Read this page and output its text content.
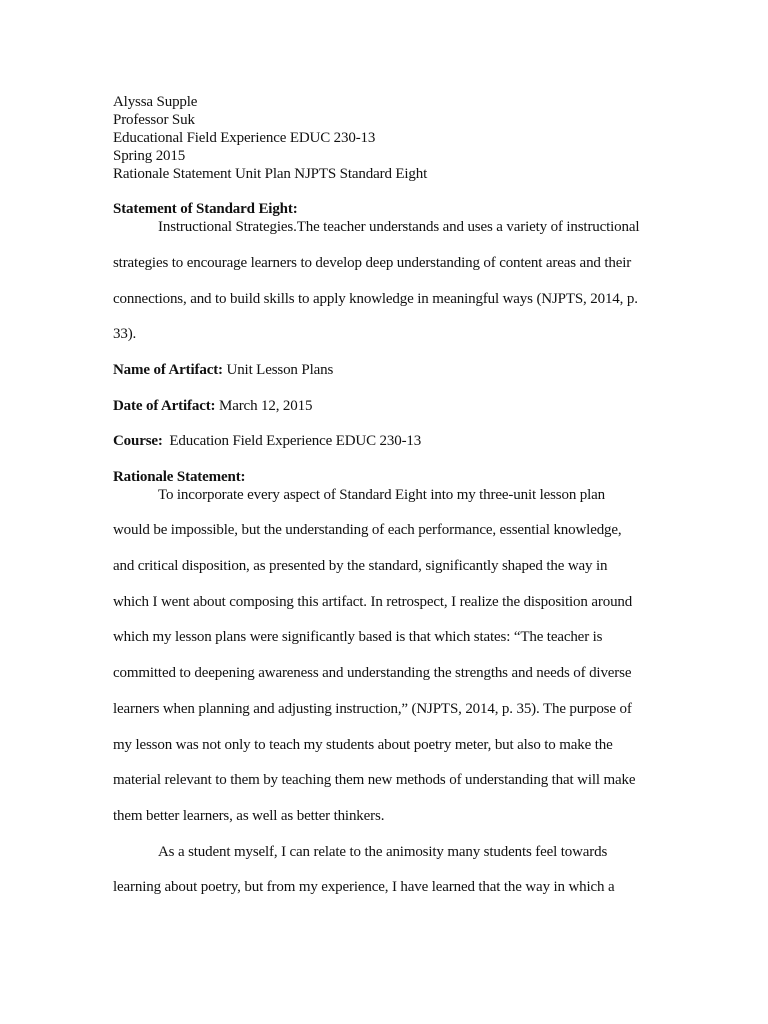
Alyssa Supple
Professor Suk
Educational Field Experience EDUC 230-13
Spring 2015
Rationale Statement Unit Plan NJPTS Standard Eight
Statement of Standard Eight:
Instructional Strategies.The teacher understands and uses a variety of instructional
strategies to encourage learners to develop deep understanding of content areas and their
connections, and to build skills to apply knowledge in meaningful ways (NJPTS, 2014, p.
33).
Name of Artifact: Unit Lesson Plans
Date of Artifact: March 12, 2015
Course: Education Field Experience EDUC 230-13
Rationale Statement:
To incorporate every aspect of Standard Eight into my three-unit lesson plan
would be impossible, but the understanding of each performance, essential knowledge,
and critical disposition, as presented by the standard, significantly shaped the way in
which I went about composing this artifact. In retrospect, I realize the disposition around
which my lesson plans were significantly based is that which states: “The teacher is
committed to deepening awareness and understanding the strengths and needs of diverse
learners when planning and adjusting instruction,” (NJPTS, 2014, p. 35). The purpose of
my lesson was not only to teach my students about poetry meter, but also to make the
material relevant to them by teaching them new methods of understanding that will make
them better learners, as well as better thinkers.
As a student myself, I can relate to the animosity many students feel towards
learning about poetry, but from my experience, I have learned that the way in which a
